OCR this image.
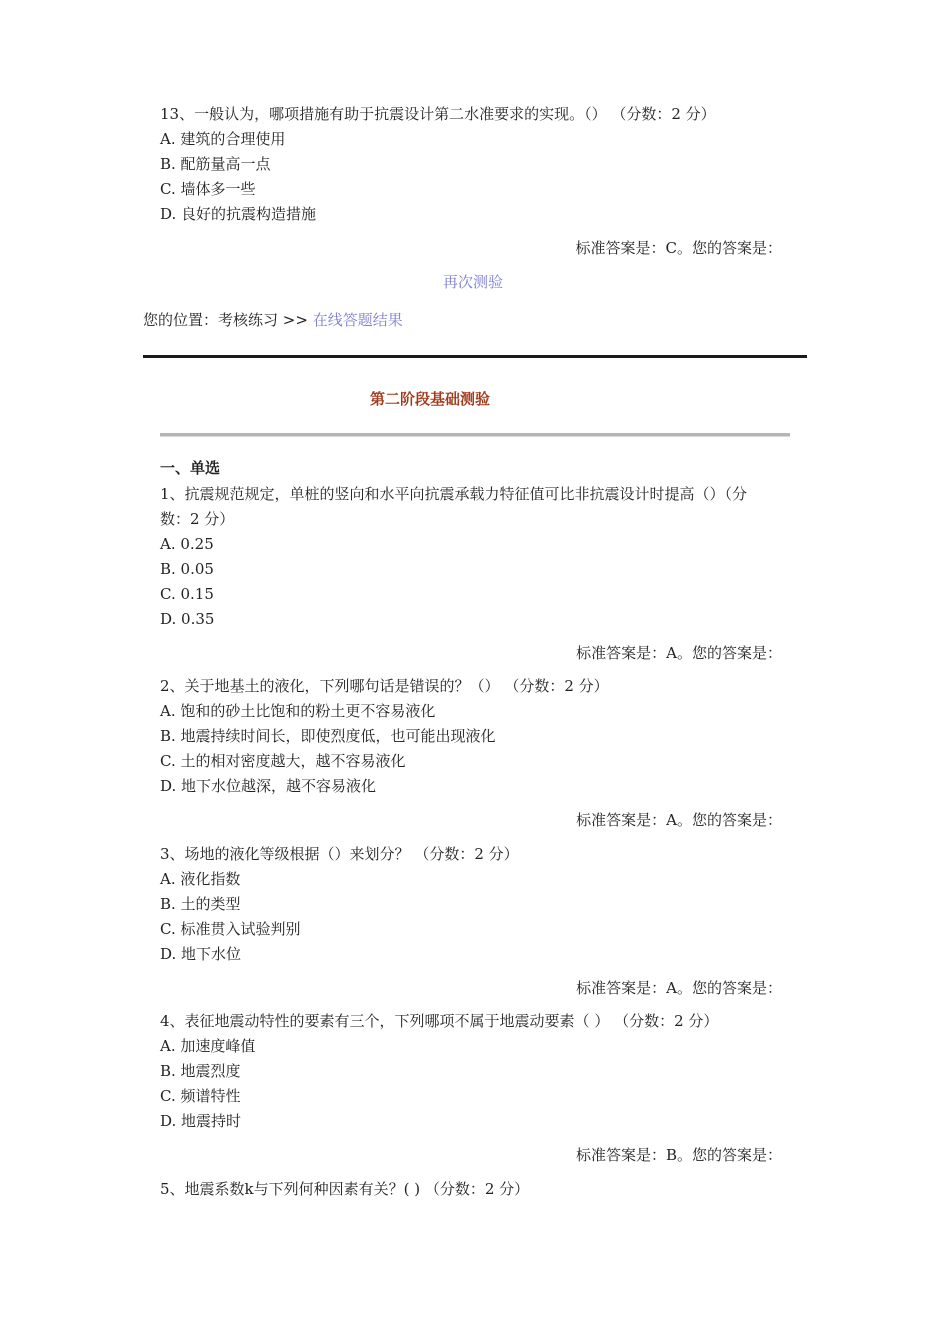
13、一般认为，哪项措施有助于抗震设计第二水准要求的实现。（） （分数：2 分）
A. 建筑的合理使用
B. 配筋量高一点
C. 墙体多一些
D. 良好的抗震构造措施
标准答案是：C。您的答案是：
再次测验
您的位置：考核练习 >> 在线答题结果
第二阶段基础测验
一、单选
1、抗震规范规定，单桩的竖向和水平向抗震承载力特征值可比非抗震设计时提高（）（分
数：2 分）
A. 0.25
B. 0.05
C. 0.15
D. 0.35
标准答案是：A。您的答案是：
2、关于地基土的液化，下列哪句话是错误的？（） （分数：2 分）
A. 饱和的砂土比饱和的粉土更不容易液化
B. 地震持续时间长，即使烈度低，也可能出现液化
C. 土的相对密度越大，越不容易液化
D. 地下水位越深，越不容易液化
标准答案是：A。您的答案是：
3、场地的液化等级根据（）来划分？ （分数：2 分）
A. 液化指数
B. 土的类型
C. 标准贯入试验判别
D. 地下水位
标准答案是：A。您的答案是：
4、表征地震动特性的要素有三个，下列哪项不属于地震动要素（ ） （分数：2 分）
A. 加速度峰值
B. 地震烈度
C. 频谱特性
D. 地震持时
标准答案是：B。您的答案是：
5、地震系数k与下列何种因素有关？( ) （分数：2 分）
